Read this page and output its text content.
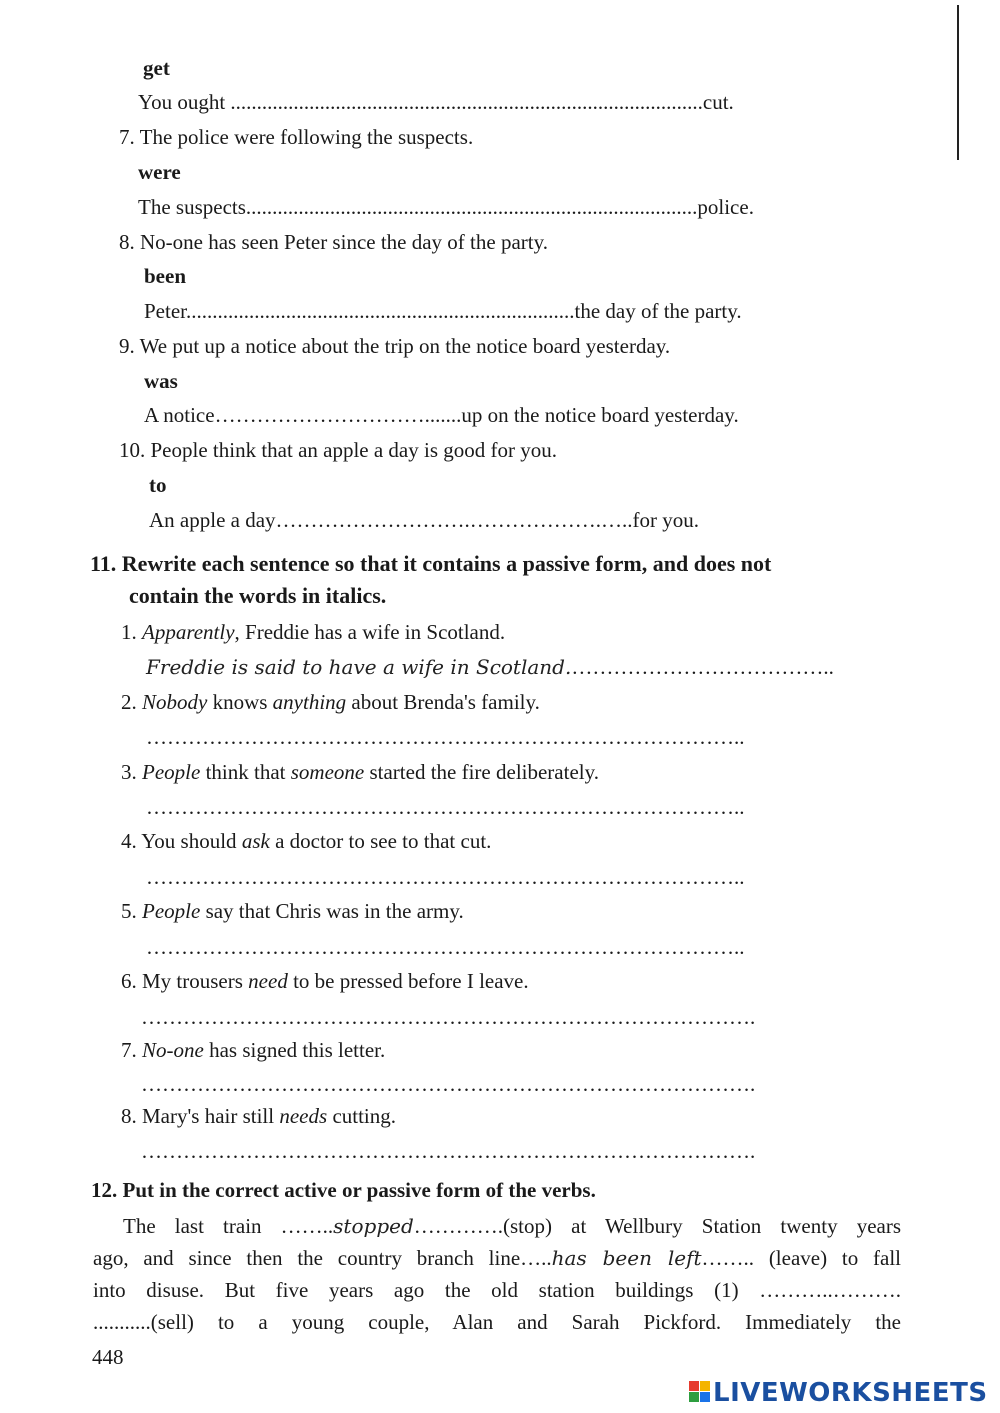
get
You ought ..........................................................................................cut.
7. The police were following the suspects.
were
The suspects......................................................................................police.
8. No-one has seen Peter since the day of the party.
been
Peter..........................................................................the day of the party.
9. We put up a notice about the trip on the notice board yesterday.
was
A notice………………………….......up on the notice board yesterday.
10. People think that an apple a day is good for you.
to
An apple a day……………………….……………….…..for you.
11. Rewrite each sentence so that it contains a passive form, and does not
contain the words in italics.
1. Apparently, Freddie has a wife in Scotland.
Freddie is said to have a wife in Scotland.………………………………..
2. Nobody knows anything about Brenda's family.
…………………………………………………………………………..
3. People think that someone started the fire deliberately.
…………………………………………………………………………..
4. You should ask a doctor to see to that cut.
…………………………………………………………………………..
5. People say that Chris was in the army.
…………………………………………………………………………..
6. My trousers need to be pressed before I leave.
…………………………………………………………………………….
7. No-one has signed this letter.
…………………………………………………………………………….
8. Mary's hair still needs cutting.
…………………………………………………………………………….
12. Put in the correct active or passive form of the verbs.
The last train ……..stopped………….(stop) at Wellbury Station twenty years
ago, and since then the country branch line…..has been left…….. (leave) to fall
into disuse. But five years ago the old station buildings (1) ………..……….
...........(sell) to a young couple, Alan and Sarah Pickford. Immediately the
448
LIVEWORKSHEETS
